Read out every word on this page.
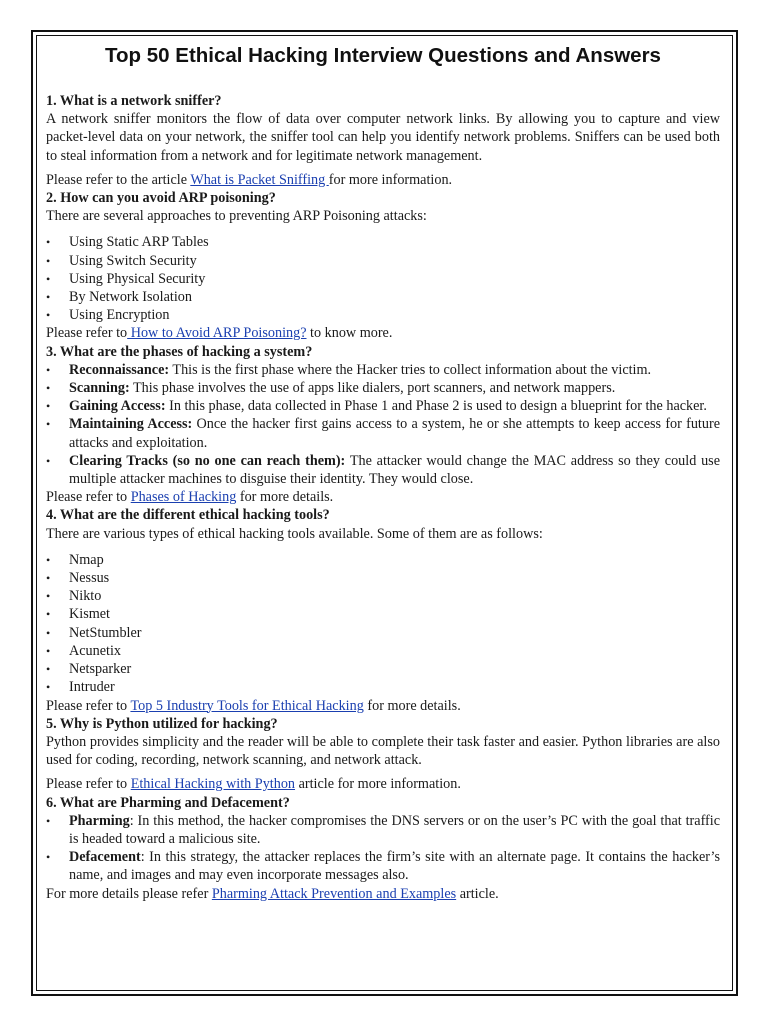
Top 50 Ethical Hacking Interview Questions and Answers

1. What is a network sniffer?

A network sniffer monitors the flow of data over computer network links. By allowing you to capture and view packet-level data on your network, the sniffer tool can help you identify network problems. Sniffers can be used both to steal information from a network and for legitimate network management.

Please refer to the article What is Packet Sniffing for more information.

2. How can you avoid ARP poisoning?

There are several approaches to preventing ARP Poisoning attacks:

• Using Static ARP Tables
• Using Switch Security
• Using Physical Security
• By Network Isolation
• Using Encryption

Please refer to How to Avoid ARP Poisoning? to know more.

3. What are the phases of hacking a system?

• Reconnaissance: This is the first phase where the Hacker tries to collect information about the victim.
• Scanning: This phase involves the use of apps like dialers, port scanners, and network mappers.
• Gaining Access: In this phase, data collected in Phase 1 and Phase 2 is used to design a blueprint for the hacker.
• Maintaining Access: Once the hacker first gains access to a system, he or she attempts to keep access for future attacks and exploitation.
• Clearing Tracks (so no one can reach them): The attacker would change the MAC address so they could use multiple attacker machines to disguise their identity. They would close.

Please refer to Phases of Hacking for more details.

4. What are the different ethical hacking tools?

There are various types of ethical hacking tools available. Some of them are as follows:

• Nmap
• Nessus
• Nikto
• Kismet
• NetStumbler
• Acunetix
• Netsparker
• Intruder

Please refer to Top 5 Industry Tools for Ethical Hacking for more details.

5. Why is Python utilized for hacking?

Python provides simplicity and the reader will be able to complete their task faster and easier. Python libraries are also used for coding, recording, network scanning, and network attack.

Please refer to Ethical Hacking with Python article for more information.

6. What are Pharming and Defacement?

• Pharming: In this method, the hacker compromises the DNS servers or on the user’s PC with the goal that traffic is headed toward a malicious site.
• Defacement: In this strategy, the attacker replaces the firm’s site with an alternate page. It contains the hacker’s name, and images and may even incorporate messages also.

For more details please refer Pharming Attack Prevention and Examples article.
